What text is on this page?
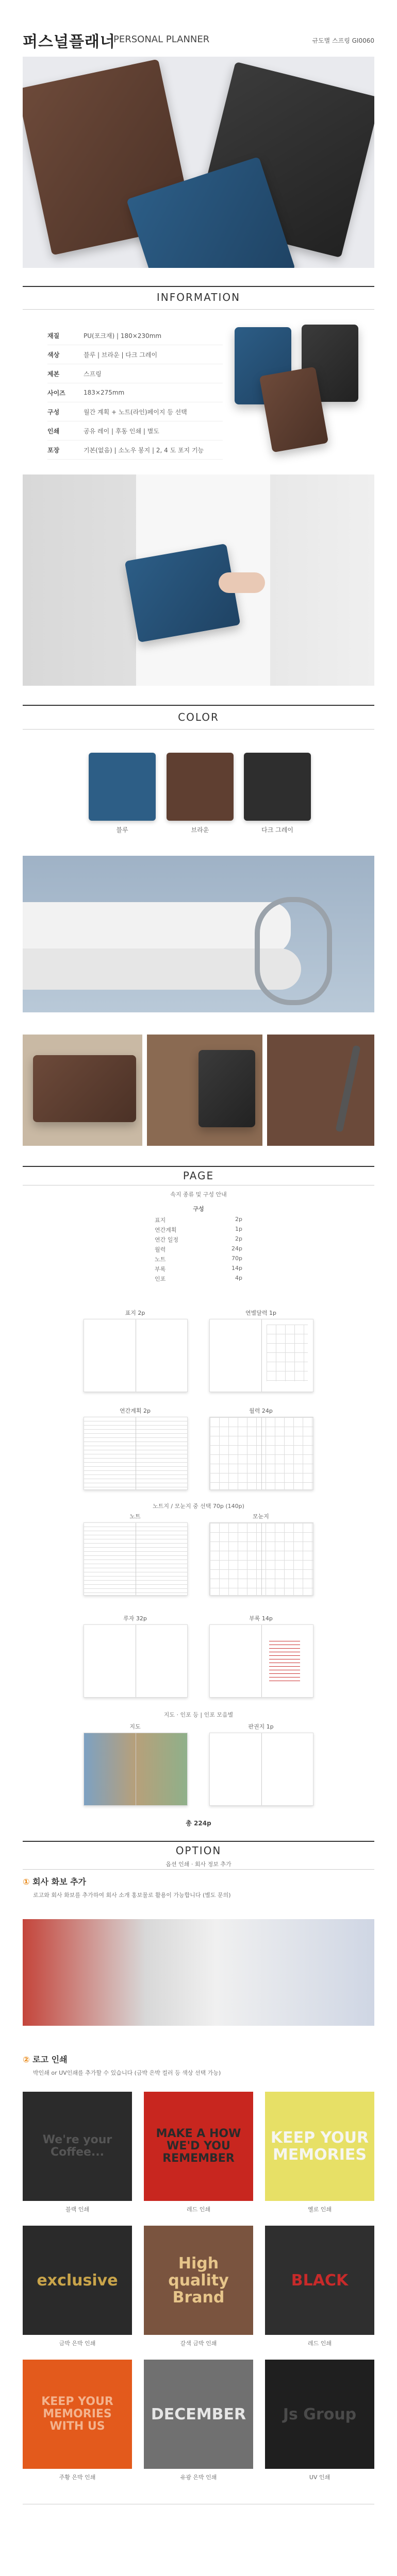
퍼스널플래너
PERSONAL PLANNER	규도별 스프링 GI0060
INFORMATION
재질	PU(포크재) | 180×230mm
색상	블루 | 브라운 | 다크 그레이
제본	스프링
사이즈	183×275mm
구성	월간 계획 + 노트(라인)페이지 등 선택
인쇄	공유 레이 | 후동 인쇄 | 별도
포장	기본(없음) | 소노우 봉지 | 2, 4 도 포지 기능
COLOR
블루	브라운	다크 그레이
PAGE
속지 종류 및 구성 안내
구성
표지	2p
연간계획	1p
연간 일정	2p
월력	24p
노트	70p
부록	14p
인포	4p
표지 2p	연별달력 1p
연간계획 2p	월력 24p
노트지 / 모눈지 중 선택 70p (140p)
노트	모눈지
루자 32p	부록 14p
지도 · 인포 등 | 인포 모음별
지도	판권지 1p
총 224p
OPTION
옵션 인쇄 · 회사 정보 추가
① 회사 화보 추가
로고와 회사 화보를 추가하여 회사 소개 홍보물로 활용이 가능합니다 (별도 문의)
② 로고 인쇄
박인쇄 or UV인쇄를 추가할 수 있습니다 (금박 은박 컬러 등 색상 선택 가능)
We're your Coffee...
MAKE A HOW WE'D YOU REMEMBER
KEEP YOUR MEMORIES
블랙 인쇄	레드 인쇄	옐로 인쇄
exclusive
High quality Brand
BLACK
금박 은박 인쇄	갈색 금박 인쇄	레드 인쇄
KEEP YOUR MEMORIES WITH US
DECEMBER Js Group
주황 은박 인쇄	유광 은박 인쇄	UV 인쇄
